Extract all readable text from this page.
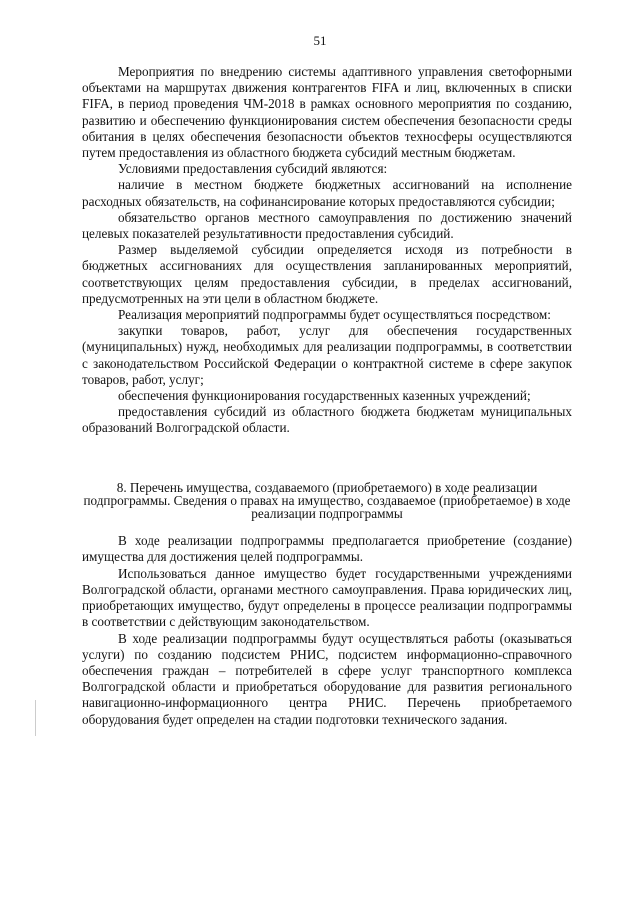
51

Мероприятия по внедрению системы адаптивного управления светофорными объектами на маршрутах движения контрагентов FIFA и лиц, включенных в списки FIFA, в период проведения ЧМ-2018 в рамках основного мероприятия по созданию, развитию и обеспечению функционирования систем обеспечения безопасности среды обитания в целях обеспечения безопасности объектов техносферы осуществляются путем предоставления из областного бюджета субсидий местным бюджетам.

Условиями предоставления субсидий являются:

наличие в местном бюджете бюджетных ассигнований на исполнение расходных обязательств, на софинансирование которых предоставляются субсидии;

обязательство органов местного самоуправления по достижению значений целевых показателей результативности предоставления субсидий.

Размер выделяемой субсидии определяется исходя из потребности в бюджетных ассигнованиях для осуществления запланированных мероприятий, соответствующих целям предоставления субсидии, в пределах ассигнований, предусмотренных на эти цели в областном бюджете.

Реализация мероприятий подпрограммы будет осуществляться посредством:

закупки товаров, работ, услуг для обеспечения государственных (муниципальных) нужд, необходимых для реализации подпрограммы, в соответствии с законодательством Российской Федерации о контрактной системе в сфере закупок товаров, работ, услуг;

обеспечения функционирования государственных казенных учреждений;

предоставления субсидий из областного бюджета бюджетам муниципальных образований Волгоградской области.

8. Перечень имущества, создаваемого (приобретаемого) в ходе реализации подпрограммы. Сведения о правах на имущество, создаваемое (приобретаемое) в ходе реализации подпрограммы

В ходе реализации подпрограммы предполагается приобретение (создание) имущества для достижения целей подпрограммы.

Использоваться данное имущество будет государственными учреждениями Волгоградской области, органами местного самоуправления. Права юридических лиц, приобретающих имущество, будут определены в процессе реализации подпрограммы в соответствии с действующим законодательством.

В ходе реализации подпрограммы будут осуществляться работы (оказываться услуги) по созданию подсистем РНИС, подсистем информационно-справочного обеспечения граждан – потребителей в сфере услуг транспортного комплекса Волгоградской области и приобретаться оборудование для развития регионального навигационно-информационного центра РНИС. Перечень приобретаемого оборудования будет определен на стадии подготовки технического задания.
